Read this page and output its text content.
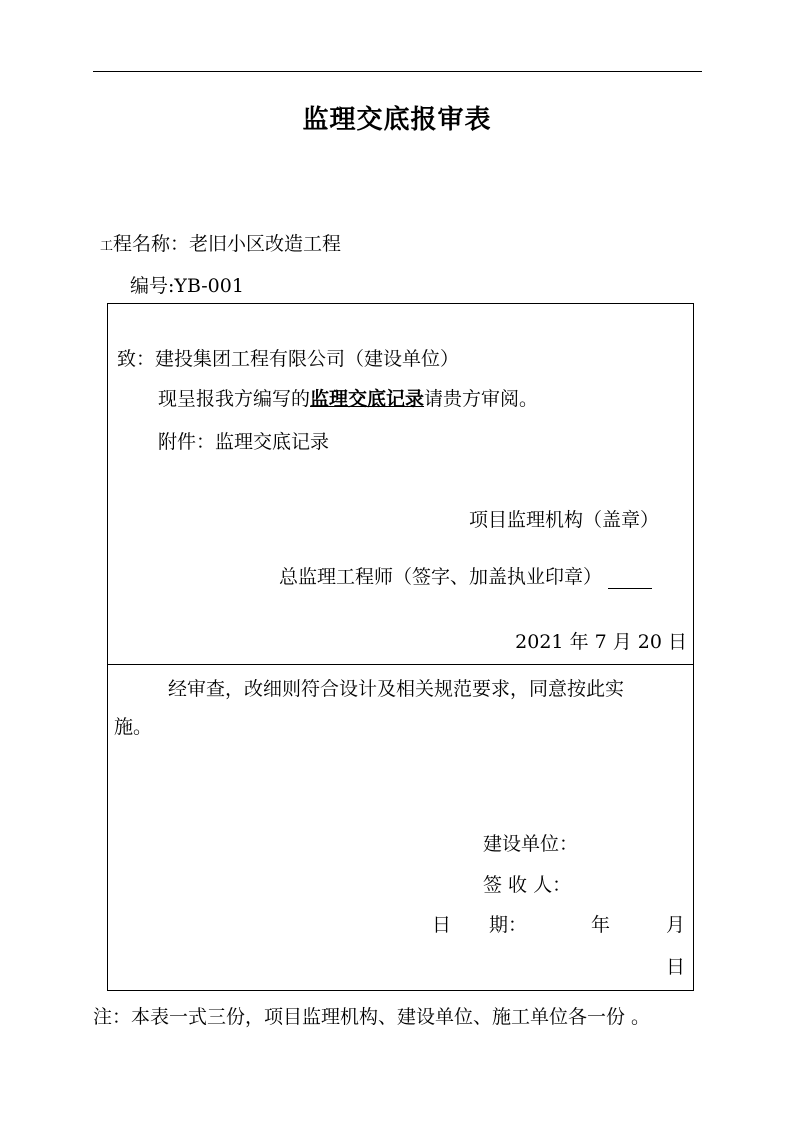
监理交底报审表
工程名称：老旧小区改造工程
编号:YB-001
致：建投集团工程有限公司（建设单位）
现呈报我方编写的监理交底记录请贵方审阅。
附件：监理交底记录
项目监理机构（盖章）
总监理工程师（签字、加盖执业印章）
2021 年 7 月 20 日
经审查，改细则符合设计及相关规范要求，同意按此实
施。
建设单位：
签 收 人：
日　　期：	年	月
日
注：本表一式三份，项目监理机构、建设单位、施工单位各一份 。
